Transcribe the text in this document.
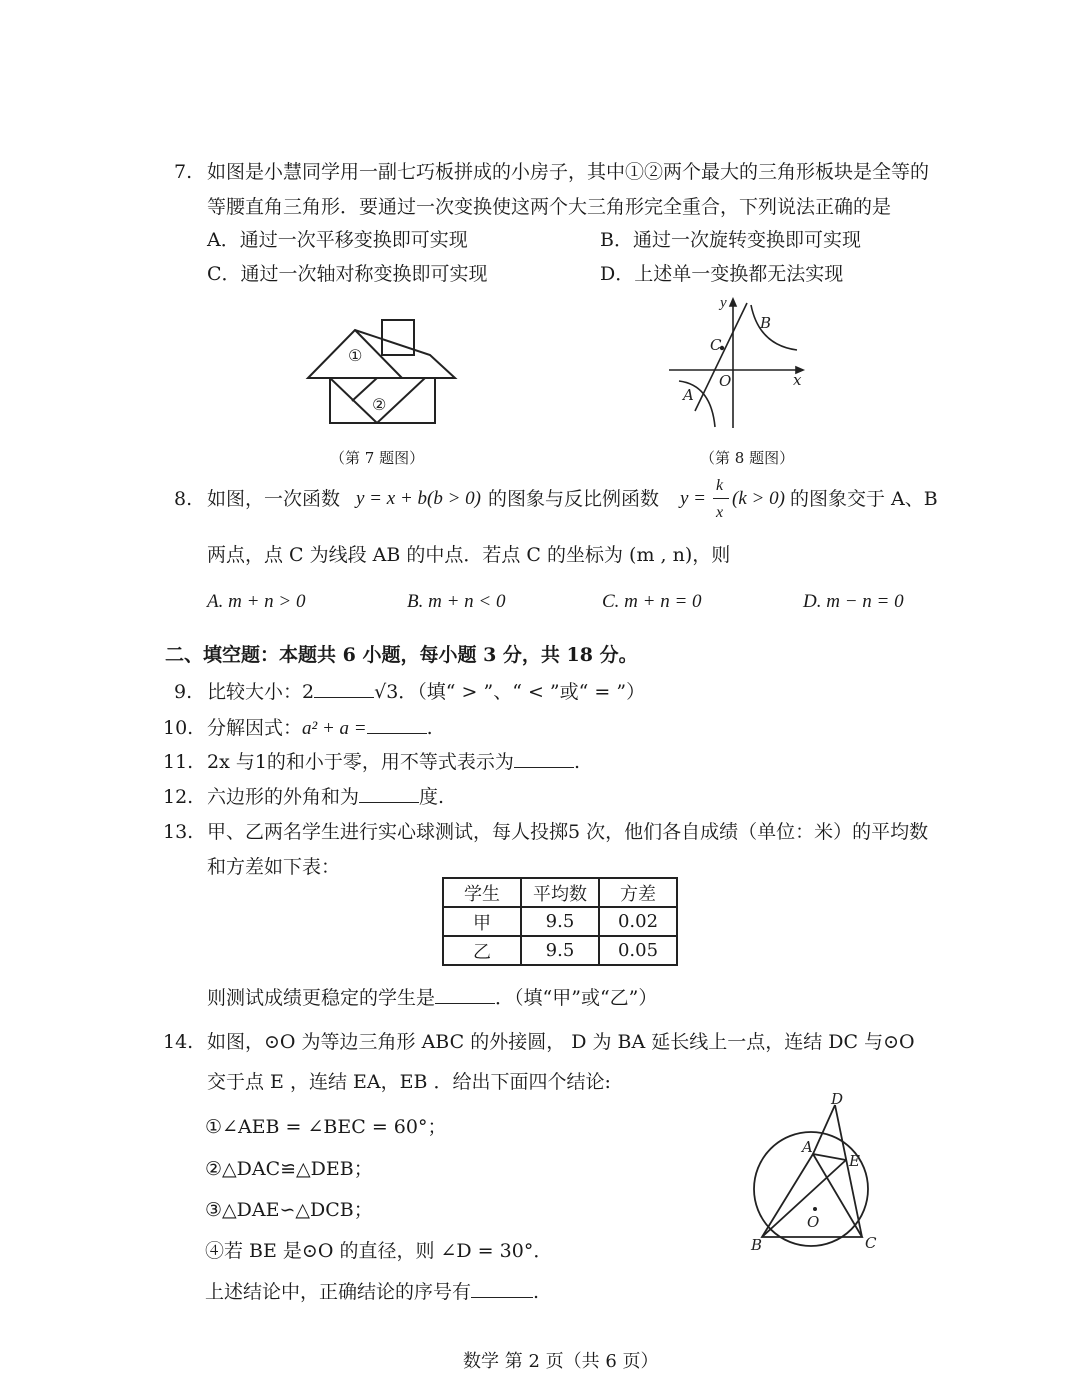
7. 如图是小慧同学用一副七巧板拼成的小房子，其中①②两个最大的三角形板块是全等的
等腰直角三角形．要通过一次变换使这两个大三角形完全重合，下列说法正确的是
A．通过一次平移变换即可实现	B．通过一次旋转变换即可实现
C．通过一次轴对称变换即可实现	D．上述单一变换都无法实现
①
②
（第 7 题图）
y
x
O
B
C
A
（第 8 题图）
8. 如图，一次函数 y = x + b(b > 0) 的图象与反比例函数 y =
k
x
(k > 0) 的图象交于 A、B
两点，点 C 为线段 AB 的中点．若点 C 的坐标为 (m , n)，则
A. m + n > 0	B. m + n < 0	C. m + n = 0	D. m − n = 0
二、填空题：本题共 6 小题，每小题 3 分，共 18 分。
9. 比较大小：2	√3．（填“ > ”、“ < ”或“ = ”）
10. 分解因式：a² + a =	.
11. 2x 与1的和小于零，用不等式表示为	.
12. 六边形的外角和为	度.
13. 甲、乙两名学生进行实心球测试，每人投掷5 次，他们各自成绩（单位：米）的平均数
和方差如下表：
学生	平均数	方差
甲	9.5	0.02
乙	9.5	0.05
则测试成绩更稳定的学生是	．（填“甲”或“乙”）
14. 如图，⊙O 为等边三角形 ABC 的外接圆， D 为 BA 延长线上一点，连结 DC 与⊙O
交于点 E ，连结 EA，EB ．给出下面四个结论:
①∠AEB = ∠BEC = 60°；
②△DAC≌△DEB；
③△DAE∽△DCB；
④若 BE 是⊙O 的直径，则 ∠D = 30°．
上述结论中，正确结论的序号有	.
D
A
E
O
B	C
数学 第 2 页（共 6 页）
